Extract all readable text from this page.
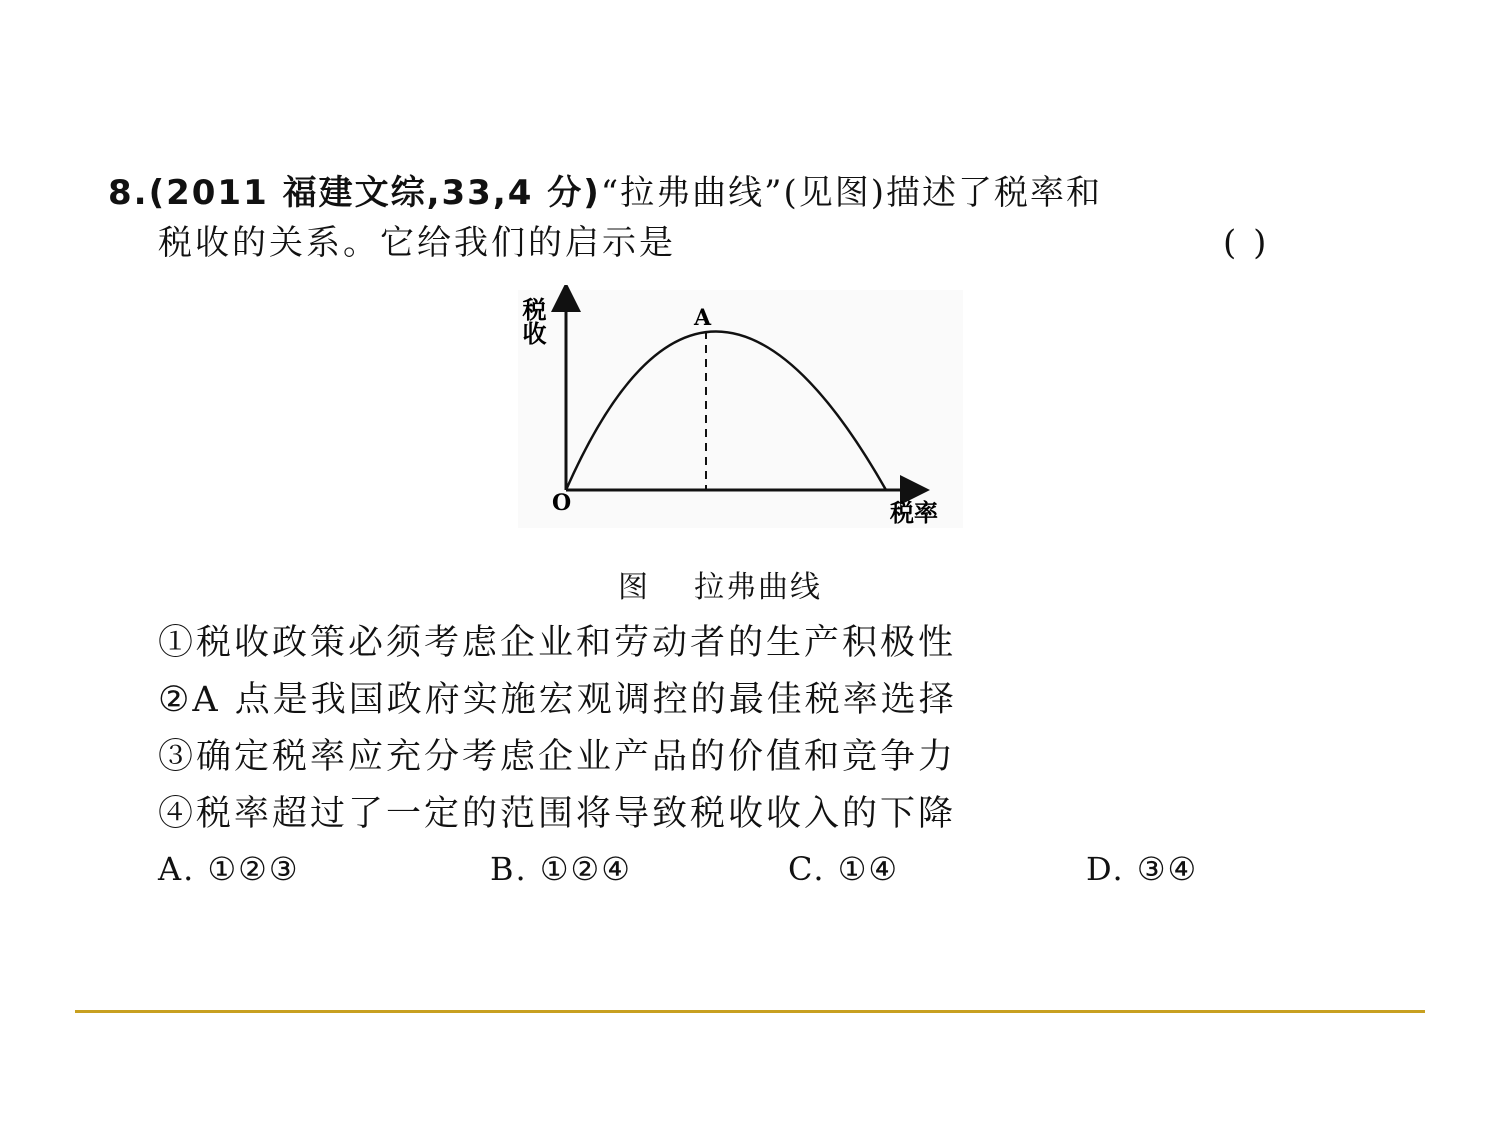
8.(2011 福建文综,33,4 分)“拉弗曲线”(见图)描述了税率和
税收的关系。它给我们的启示是	( )
O
A
税收
税率
图 拉弗曲线
①税收政策必须考虑企业和劳动者的生产积极性
②A 点是我国政府实施宏观调控的最佳税率选择
③确定税率应充分考虑企业产品的价值和竞争力
④税率超过了一定的范围将导致税收收入的下降
A. ①②③	B. ①②④	C. ①④	D. ③④
